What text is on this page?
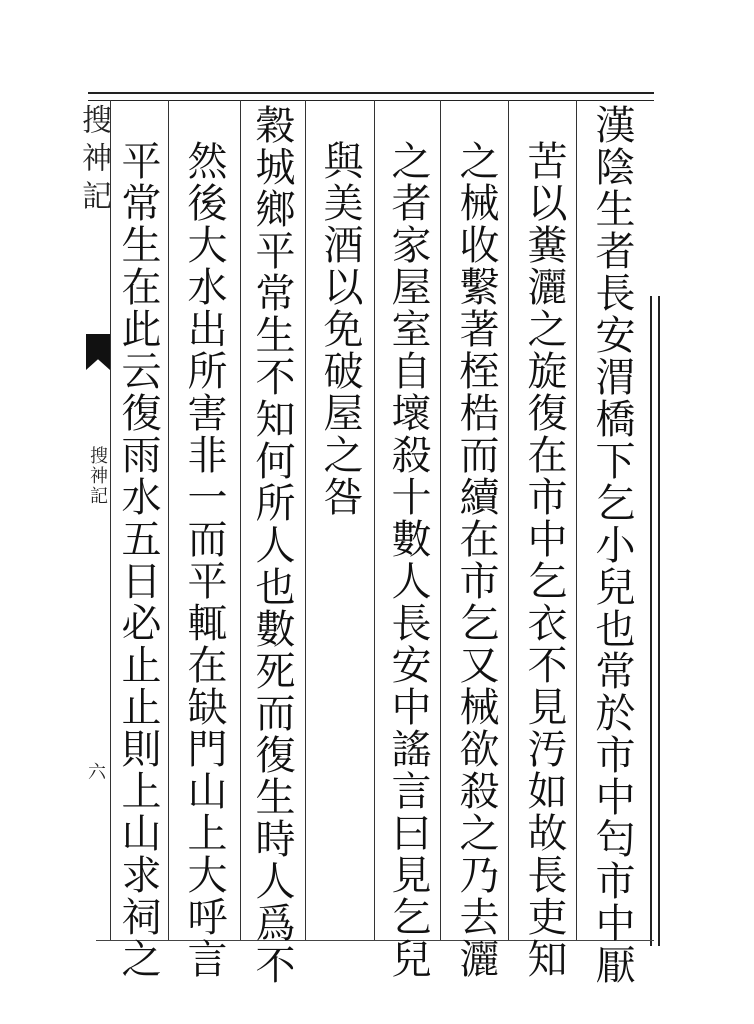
搜神記
搜神記
六	漢陰生者長安渭橋下乞小兒也常於市中匄市中厭
苦以糞灑之旋復在市中乞衣不見汚如故長吏知
之械收繫著桎梏而續在市乞又械欲殺之乃去灑
之者家屋室自壞殺十數人長安中謠言曰見乞兒
與美酒以免破屋之咎
穀城鄉平常生不知何所人也數死而復生時人爲不
然後大水出所害非一而平輒在缺門山上大呼言
平常生在此云復雨水五日必止止則上山求祠之
